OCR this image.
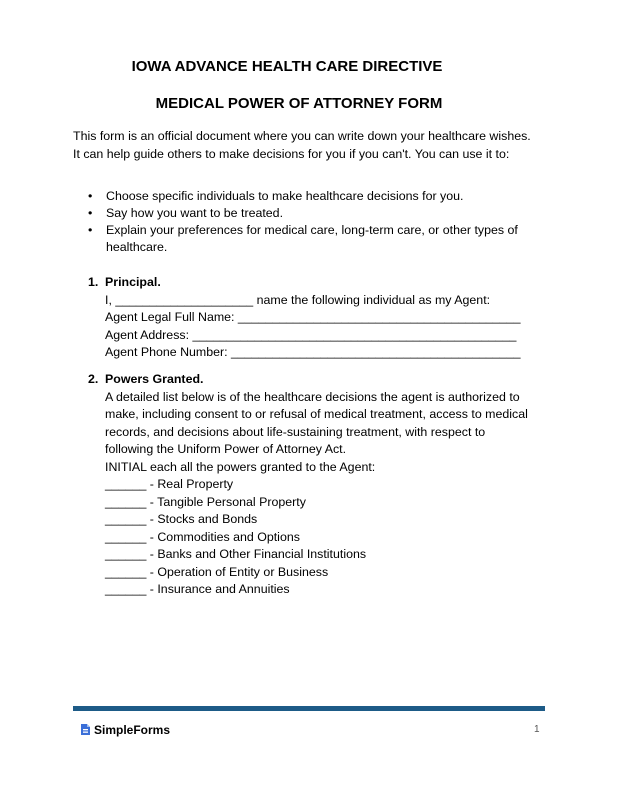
IOWA ADVANCE HEALTH CARE DIRECTIVE
MEDICAL POWER OF ATTORNEY FORM
This form is an official document where you can write down your healthcare wishes.
It can help guide others to make decisions for you if you can't. You can use it to:
• Choose specific individuals to make healthcare decisions for you.
• Say how you want to be treated.
• Explain your preferences for medical care, long-term care, or other types of healthcare.
1. Principal.
I, ____________________ name the following individual as my Agent:
Agent Legal Full Name: _________________________________________
Agent Address: _______________________________________________
Agent Phone Number: __________________________________________
2. Powers Granted.
A detailed list below is of the healthcare decisions the agent is authorized to make, including consent to or refusal of medical treatment, access to medical records, and decisions about life-sustaining treatment, with respect to following the Uniform Power of Attorney Act.
INITIAL each all the powers granted to the Agent:
______ - Real Property
______ - Tangible Personal Property
______ - Stocks and Bonds
______ - Commodities and Options
______ - Banks and Other Financial Institutions
______ - Operation of Entity or Business
______ - Insurance and Annuities
SimpleForms	1
